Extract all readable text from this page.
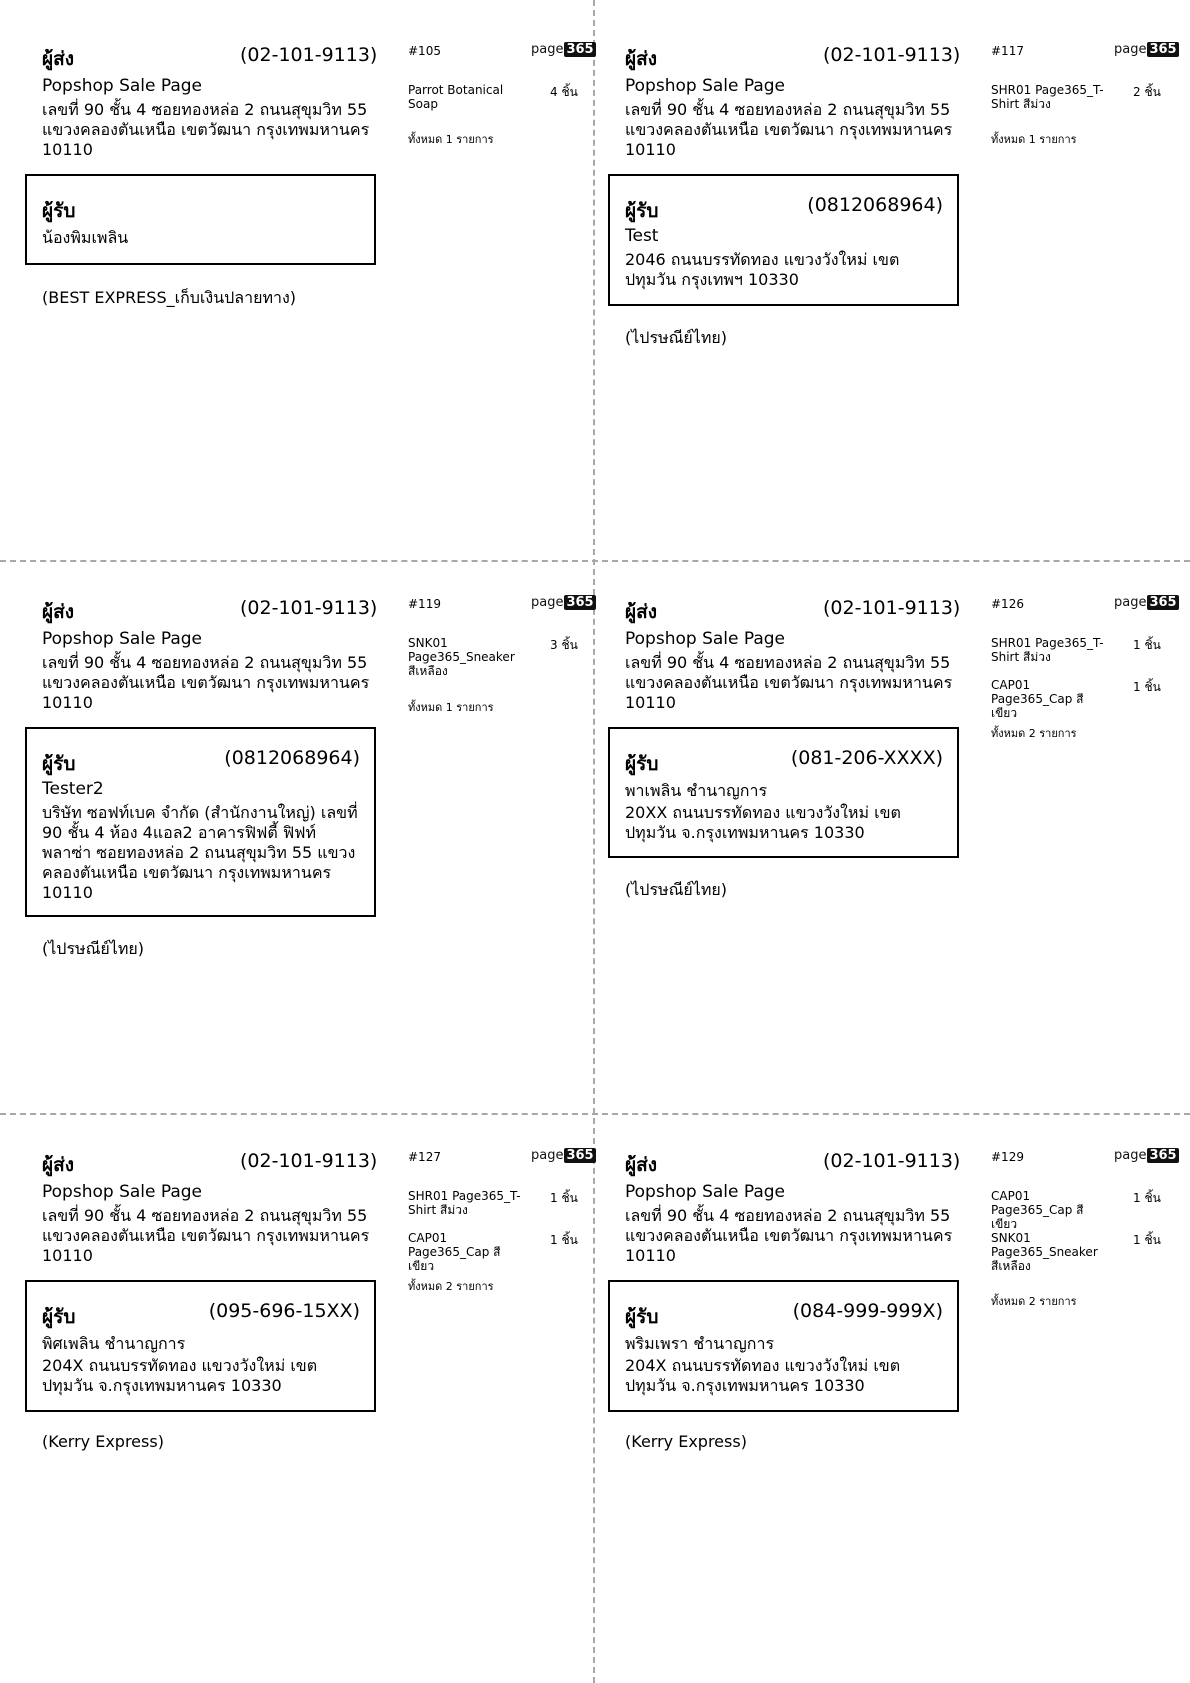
ผู้ส่ง	(02-101-9113)
Popshop Sale Page
เลขที่ 90 ชั้น 4 ซอยทองหล่อ 2 ถนนสุขุมวิท 55 แขวงคลองตันเหนือ เขตวัฒนา กรุงเทพมหานคร 10110
ผู้รับ
น้องพิมเพลิน
(BEST EXPRESS_เก็บเงินปลายทาง)
#105	page 365
Parrot Botanical Soap
4 ชิ้น
ทั้งหมด 1 รายการ
ผู้ส่ง	(02-101-9113)
Popshop Sale Page
เลขที่ 90 ชั้น 4 ซอยทองหล่อ 2 ถนนสุขุมวิท 55 แขวงคลองตันเหนือ เขตวัฒนา กรุงเทพมหานคร 10110
ผู้รับ	(0812068964)
Test
2046 ถนนบรรทัดทอง แขวงวังใหม่ เขตปทุมวัน กรุงเทพฯ 10330
(ไปรษณีย์ไทย)
#117	page 365
SHR01 Page365_T-Shirt สีม่วง
2 ชิ้น
ทั้งหมด 1 รายการ
ผู้ส่ง	(02-101-9113)
Popshop Sale Page
เลขที่ 90 ชั้น 4 ซอยทองหล่อ 2 ถนนสุขุมวิท 55 แขวงคลองตันเหนือ เขตวัฒนา กรุงเทพมหานคร 10110
ผู้รับ	(0812068964)
Tester2
บริษัท ซอฟท์เบค จำกัด (สำนักงานใหญ่) เลขที่ 90 ชั้น 4 ห้อง 4แอล2 อาคารฟิฟตี้ ฟิฟท์ พลาซ่า ซอยทองหล่อ 2 ถนนสุขุมวิท 55 แขวงคลองตันเหนือ เขตวัฒนา กรุงเทพมหานคร 10110
(ไปรษณีย์ไทย)
#119	page 365
SNK01 Page365_Sneaker สีเหลือง
3 ชิ้น
ทั้งหมด 1 รายการ
ผู้ส่ง	(02-101-9113)
Popshop Sale Page
เลขที่ 90 ชั้น 4 ซอยทองหล่อ 2 ถนนสุขุมวิท 55 แขวงคลองตันเหนือ เขตวัฒนา กรุงเทพมหานคร 10110
ผู้รับ	(081-206-XXXX)
พาเพลิน ชำนาญการ
20XX ถนนบรรทัดทอง แขวงวังใหม่ เขตปทุมวัน จ.กรุงเทพมหานคร 10330
(ไปรษณีย์ไทย)
#126	page 365
SHR01 Page365_T-Shirt สีม่วง
1 ชิ้น
CAP01 Page365_Cap สีเขียว
1 ชิ้น
ทั้งหมด 2 รายการ
ผู้ส่ง	(02-101-9113)
Popshop Sale Page
เลขที่ 90 ชั้น 4 ซอยทองหล่อ 2 ถนนสุขุมวิท 55 แขวงคลองตันเหนือ เขตวัฒนา กรุงเทพมหานคร 10110
ผู้รับ	(095-696-15XX)
พิศเพลิน ชำนาญการ
204X ถนนบรรทัดทอง แขวงวังใหม่ เขตปทุมวัน จ.กรุงเทพมหานคร 10330
(Kerry Express)
#127	page 365
SHR01 Page365_T-Shirt สีม่วง
1 ชิ้น
CAP01 Page365_Cap สีเขียว
1 ชิ้น
ทั้งหมด 2 รายการ
ผู้ส่ง	(02-101-9113)
Popshop Sale Page
เลขที่ 90 ชั้น 4 ซอยทองหล่อ 2 ถนนสุขุมวิท 55 แขวงคลองตันเหนือ เขตวัฒนา กรุงเทพมหานคร 10110
ผู้รับ	(084-999-999X)
พริมเพรา ชำนาญการ
204X ถนนบรรทัดทอง แขวงวังใหม่ เขตปทุมวัน จ.กรุงเทพมหานคร 10330
(Kerry Express)
#129	page 365
CAP01 Page365_Cap สีเขียว
1 ชิ้น
SNK01 Page365_Sneaker สีเหลือง
1 ชิ้น
ทั้งหมด 2 รายการ
